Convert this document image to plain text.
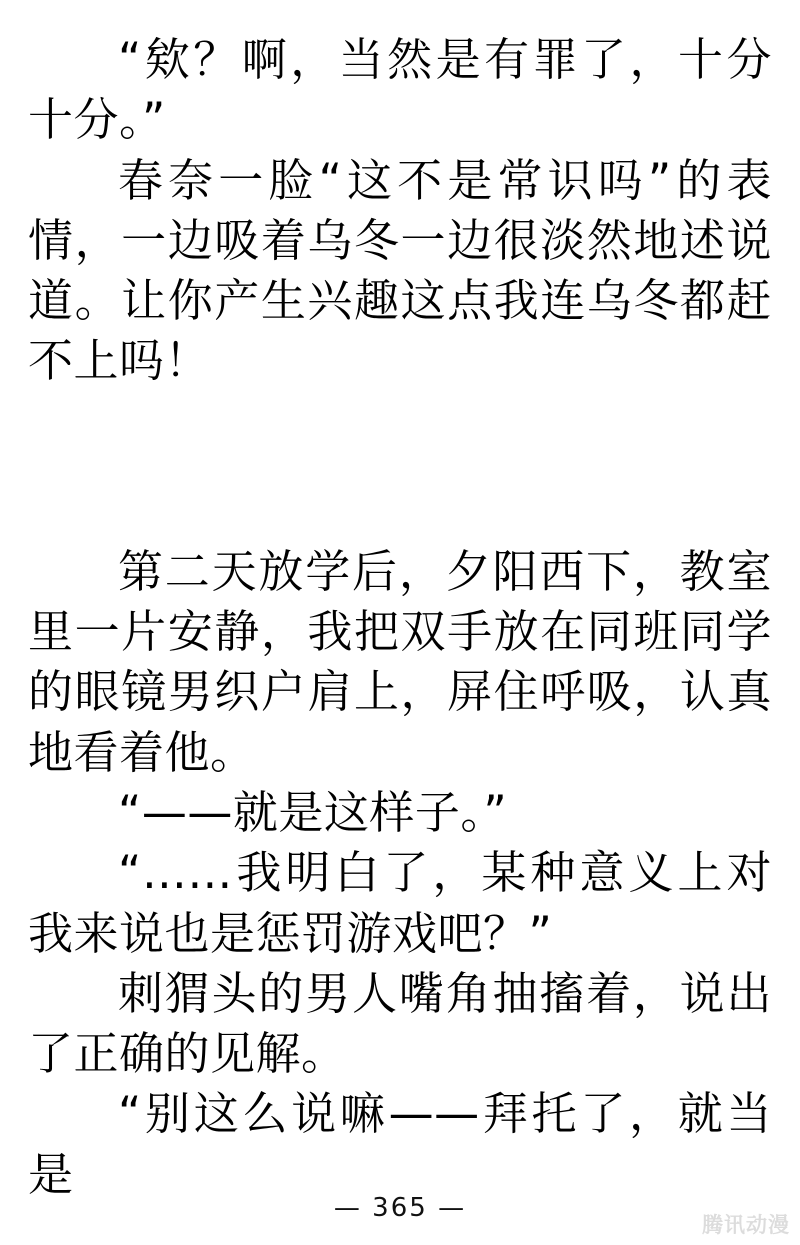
“欸？啊，当然是有罪了，十分十分。”

春奈一脸“这不是常识吗”的表情，一边吸着乌冬一边很淡然地述说道。让你产生兴趣这点我连乌冬都赶不上吗！

第二天放学后，夕阳西下，教室里一片安静，我把双手放在同班同学的眼镜男织户肩上，屏住呼吸，认真地看着他。

“——就是这样子。”

“……我明白了，某种意义上对我来说也是惩罚游戏吧？”

刺猬头的男人嘴角抽搐着，说出了正确的见解。

“别这么说嘛——拜托了，就当是

— 365 —
腾讯动漫
